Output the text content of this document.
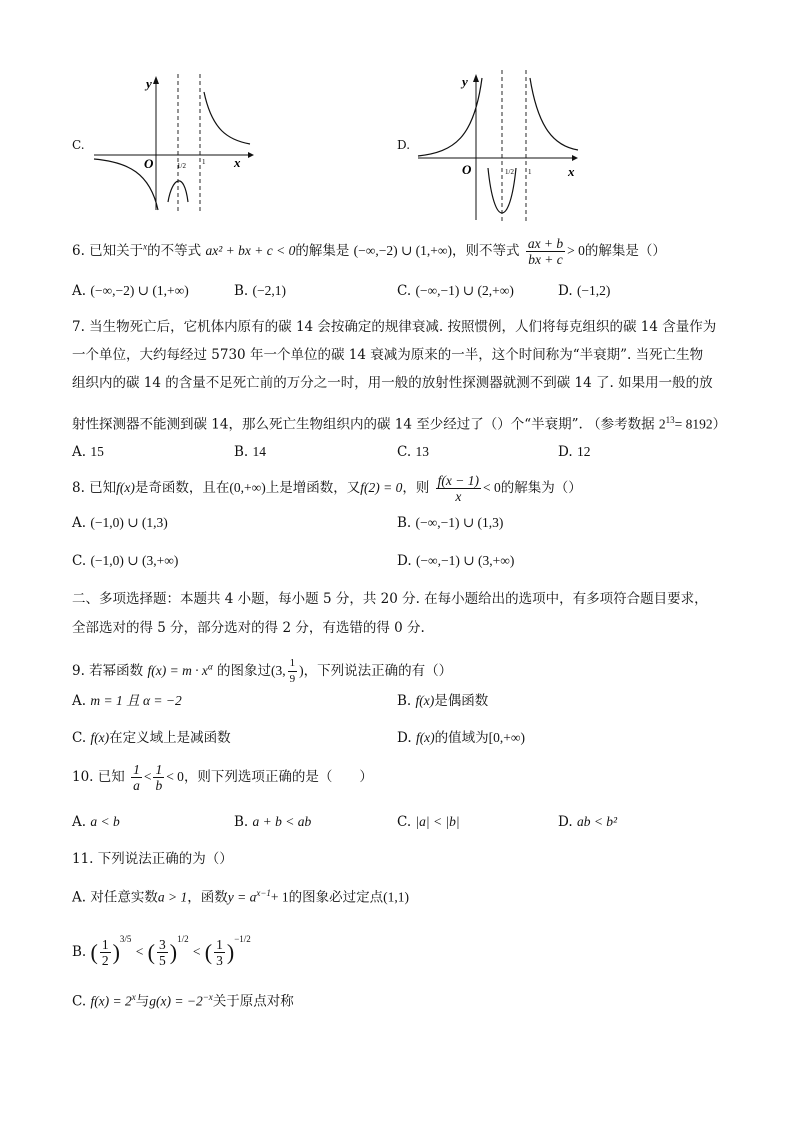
C.
y
x
O	1/2 1
D.
y
x
O	1/2 1
6. 已知关于$^x$的不等式 ax² + bx + c < 0的解集是 (−∞,−2) ∪ (1,+∞)，则不等式 $\frac{ax + b}{bx + c} > 0$的解集是（）
A. (−∞,−2) ∪ (1,+∞)	B. (−2,1)	C. (−∞,−1) ∪ (2,+∞)	D. (−1,2)
7. 当生物死亡后，它机体内原有的碳 14 会按确定的规律衰减. 按照惯例，人们将每克组织的碳 14 含量作为
一个单位，大约每经过 5730 年一个单位的碳 14 衰减为原来的一半，这个时间称为“半衰期”. 当死亡生物
组织内的碳 14 的含量不足死亡前的万分之一时，用一般的放射性探测器就测不到碳 14 了. 如果用一般的放
射性探测器不能测到碳 14，那么死亡生物组织内的碳 14 至少经过了（）个“半衰期”. （参考数据 $2^{13}= 8192$）
A. 15	B. 14	C. 13	D. 12
8. 已知f(x)是奇函数，且在(0,+∞)上是增函数，又f(2) = 0，则 $\frac{f(x - 1)}{x} < 0$的解集为（）
A. (−1,0) ∪ (1,3)	B. (−∞,−1) ∪ (1,3)
C. (−1,0) ∪ (3,+∞)	D. (−∞,−1) ∪ (3,+∞)
二、多项选择题：本题共 4 小题，每小题 5 分，共 20 分. 在每小题给出的选项中，有多项符合题目要求，
全部选对的得 5 分，部分选对的得 2 分，有选错的得 0 分.
9. 若幂函数 $f(x) = m \cdot x^\alpha$ 的图象过(3, $\frac{1}{9}$ )，下列说法正确的有（）
A. m = 1 且 α = −2	B. f(x)是偶函数
C. f(x)在定义域上是减函数	D. f(x)的值域为[0,+∞)
10. 已知 $\frac{1}{a} < \frac{1}{b} < 0$，则下列选项正确的是（　　）
A. a < b	B. a + b < ab	C. |a| < |b|	D. ab < b²
11. 下列说法正确的为（）
A. 对任意实数a > 1，函数$y = a^{x-1}+ 1$的图象必过定点(1,1)
B. ( $\frac{1}{2} )^{3/5}$ < ( $\frac{3}{5} )^{1/2}$ < ( $\frac{1}{3} )^{-1/2}$
C. $f(x) = 2^x$与$g(x) = -2^{-x}$关于原点对称
